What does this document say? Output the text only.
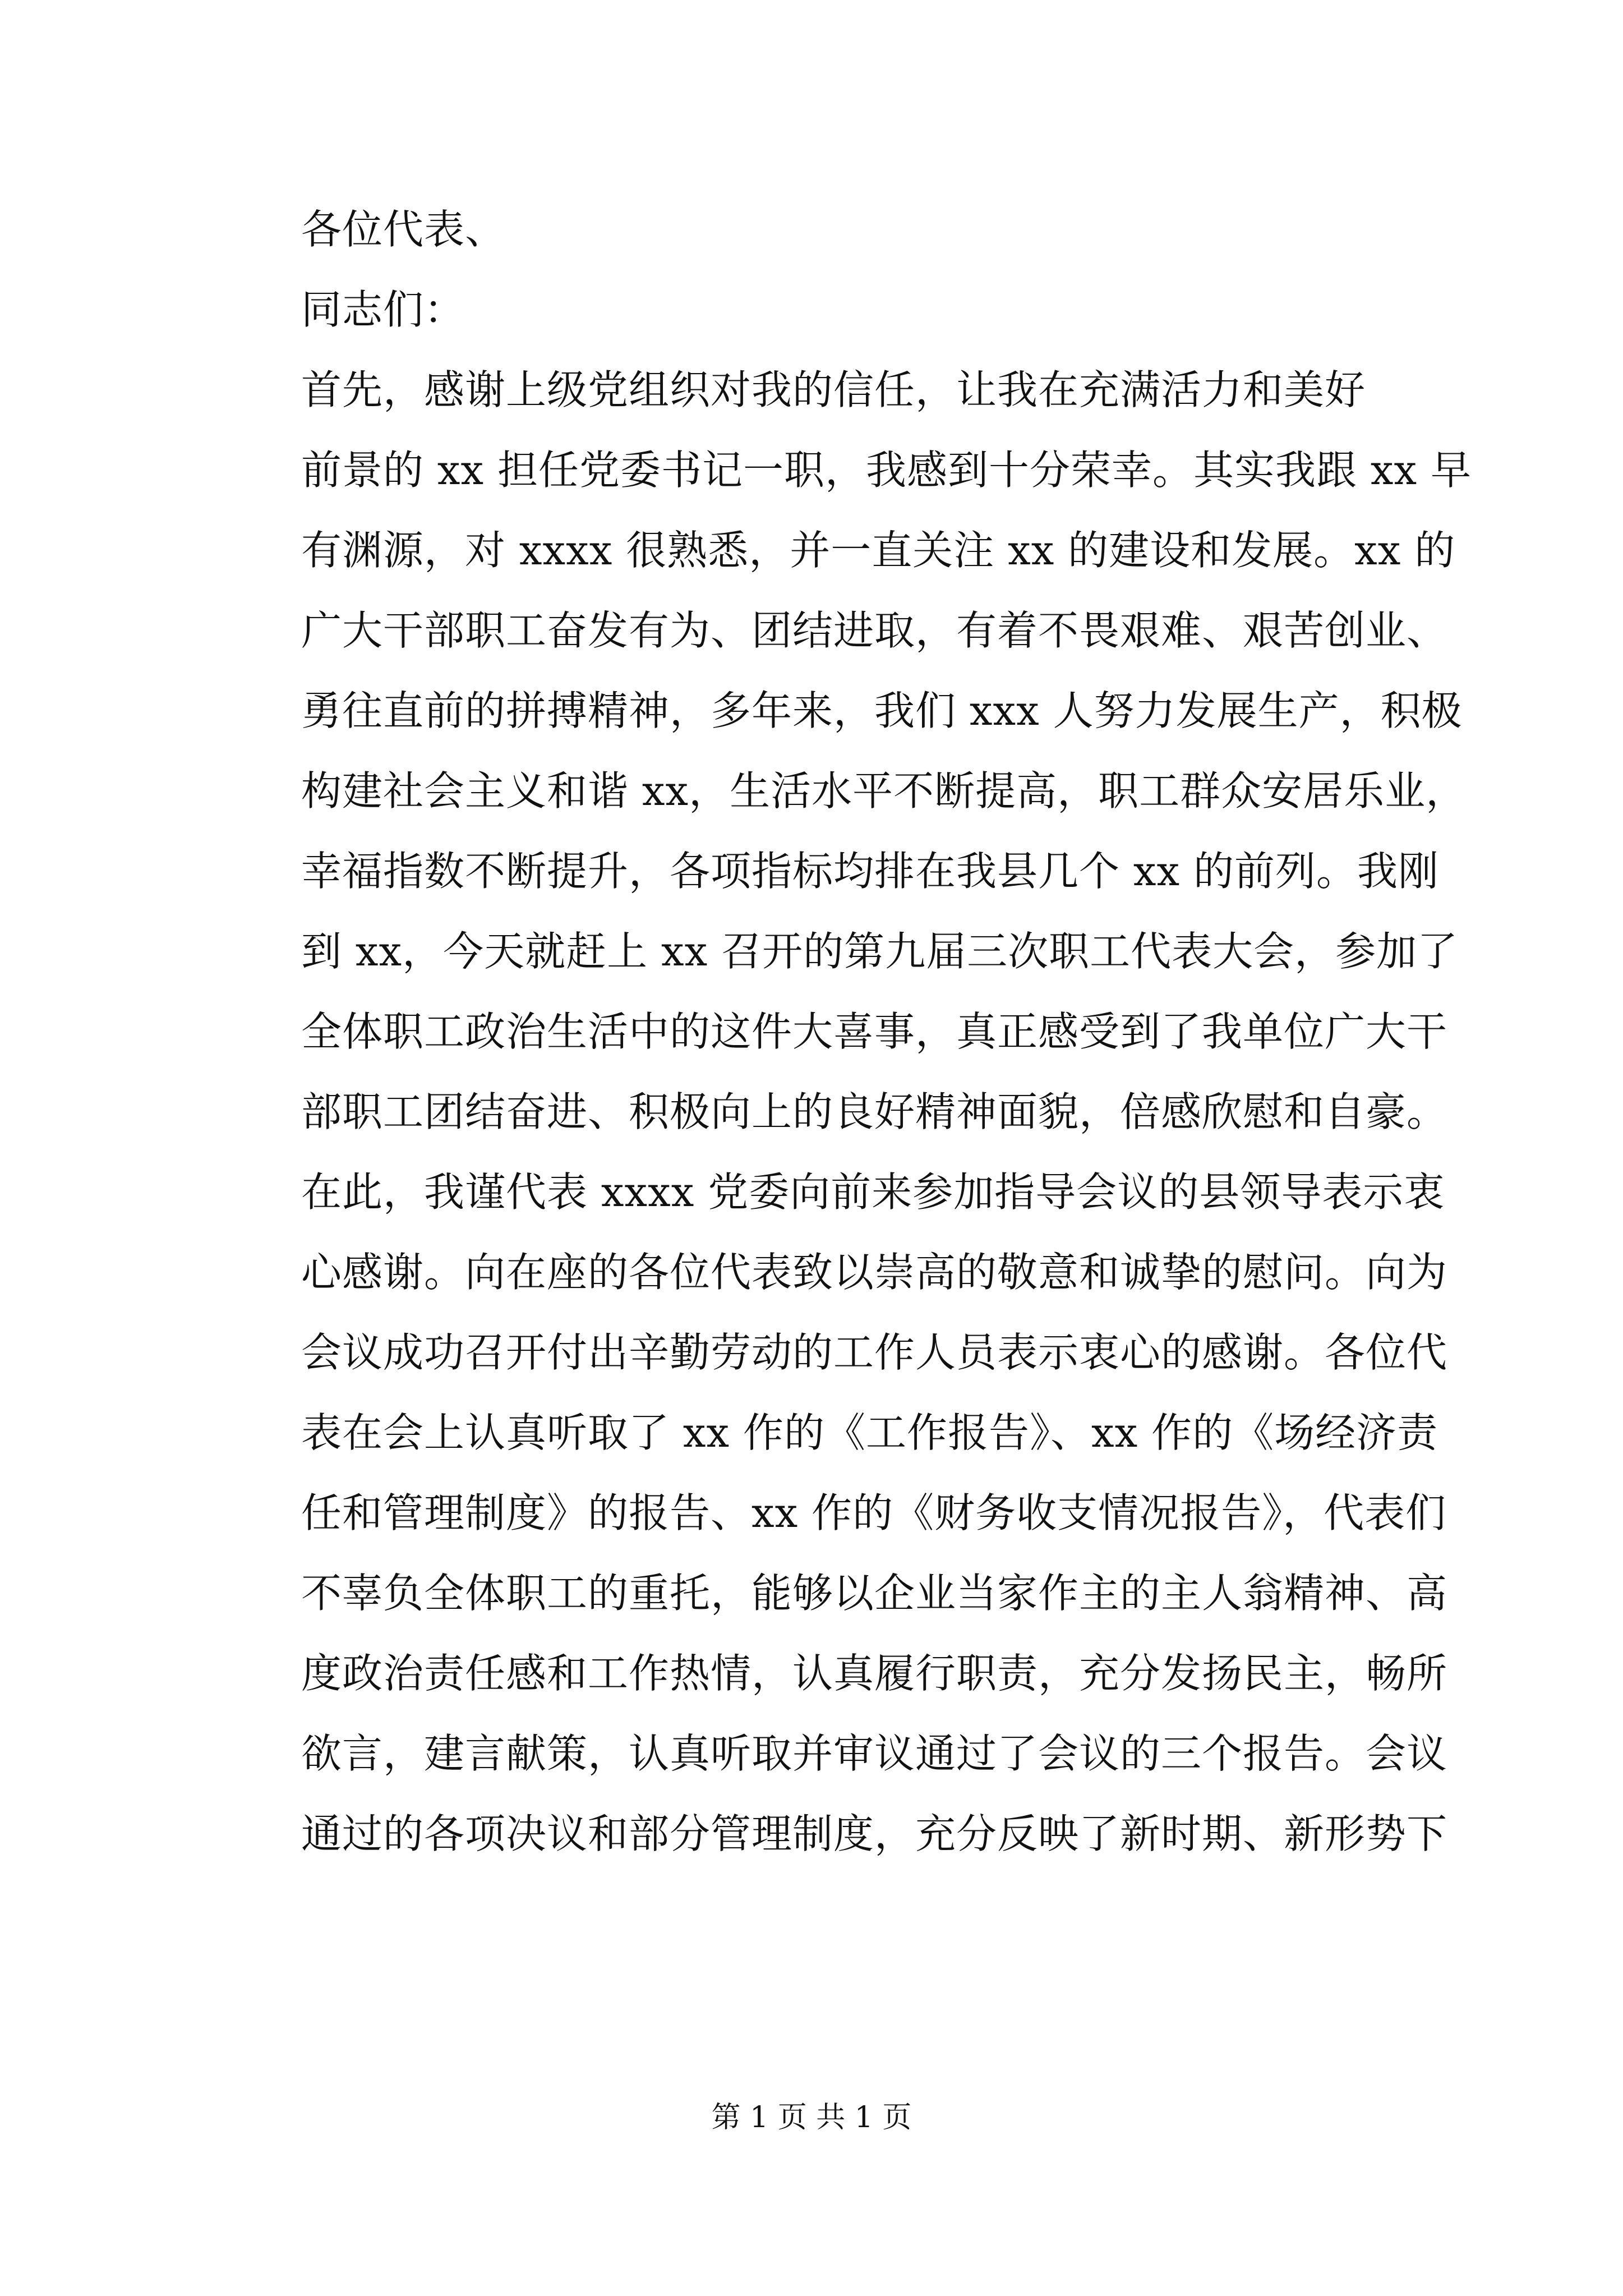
各位代表、
同志们：
首先，感谢上级党组织对我的信任，让我在充满活力和美好
前景的 xx 担任党委书记一职，我感到十分荣幸。其实我跟 xx 早
有渊源，对 xxxx 很熟悉，并一直关注 xx 的建设和发展。xx 的
广大干部职工奋发有为、团结进取，有着不畏艰难、艰苦创业、
勇往直前的拼搏精神，多年来，我们 xxx 人努力发展生产，积极
构建社会主义和谐 xx，生活水平不断提高，职工群众安居乐业，
幸福指数不断提升，各项指标均排在我县几个 xx 的前列。我刚
到 xx，今天就赶上 xx 召开的第九届三次职工代表大会，参加了
全体职工政治生活中的这件大喜事，真正感受到了我单位广大干
部职工团结奋进、积极向上的良好精神面貌，倍感欣慰和自豪。
在此，我谨代表 xxxx 党委向前来参加指导会议的县领导表示衷
心感谢。向在座的各位代表致以崇高的敬意和诚挚的慰问。向为
会议成功召开付出辛勤劳动的工作人员表示衷心的感谢。各位代
表在会上认真听取了 xx 作的《工作报告》、xx 作的《场经济责
任和管理制度》的报告、xx 作的《财务收支情况报告》，代表们
不辜负全体职工的重托，能够以企业当家作主的主人翁精神、高
度政治责任感和工作热情，认真履行职责，充分发扬民主，畅所
欲言，建言献策，认真听取并审议通过了会议的三个报告。会议
通过的各项决议和部分管理制度，充分反映了新时期、新形势下
第 1 页 共 1 页
